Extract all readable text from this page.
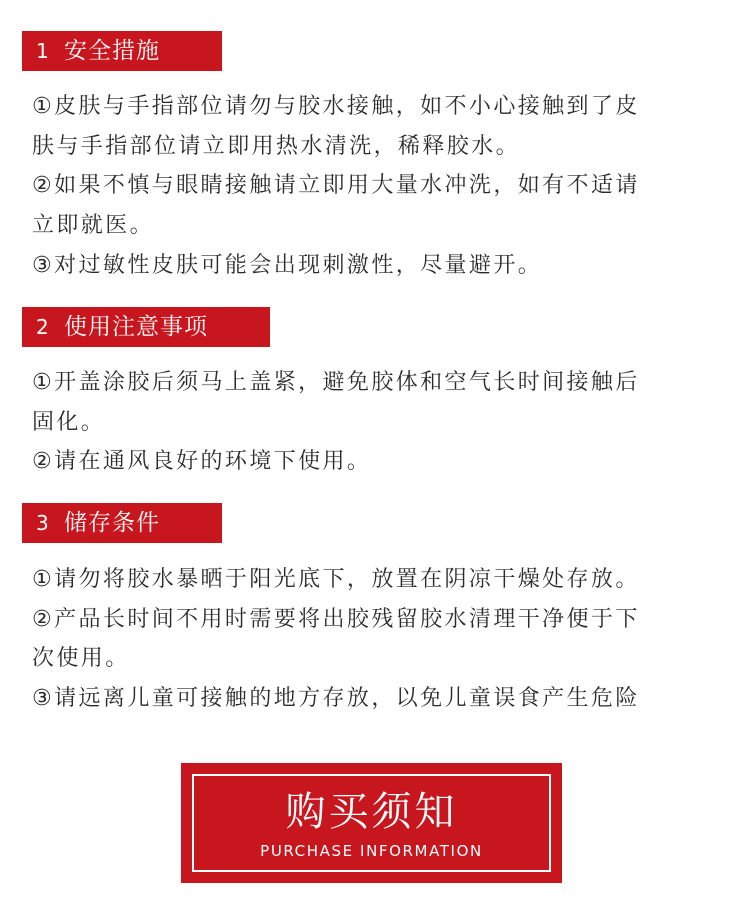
1 安全措施
①皮肤与手指部位请勿与胶水接触，如不小心接触到了皮
肤与手指部位请立即用热水清洗，稀释胶水。
②如果不慎与眼睛接触请立即用大量水冲洗，如有不适请
立即就医。
③对过敏性皮肤可能会出现刺激性，尽量避开。
2 使用注意事项
①开盖涂胶后须马上盖紧，避免胶体和空气长时间接触后
固化。
②请在通风良好的环境下使用。
3 储存条件
①请勿将胶水暴晒于阳光底下，放置在阴凉干燥处存放。
②产品长时间不用时需要将出胶残留胶水清理干净便于下
次使用。
③请远离儿童可接触的地方存放，以免儿童误食产生危险
购买须知
PURCHASE INFORMATION
